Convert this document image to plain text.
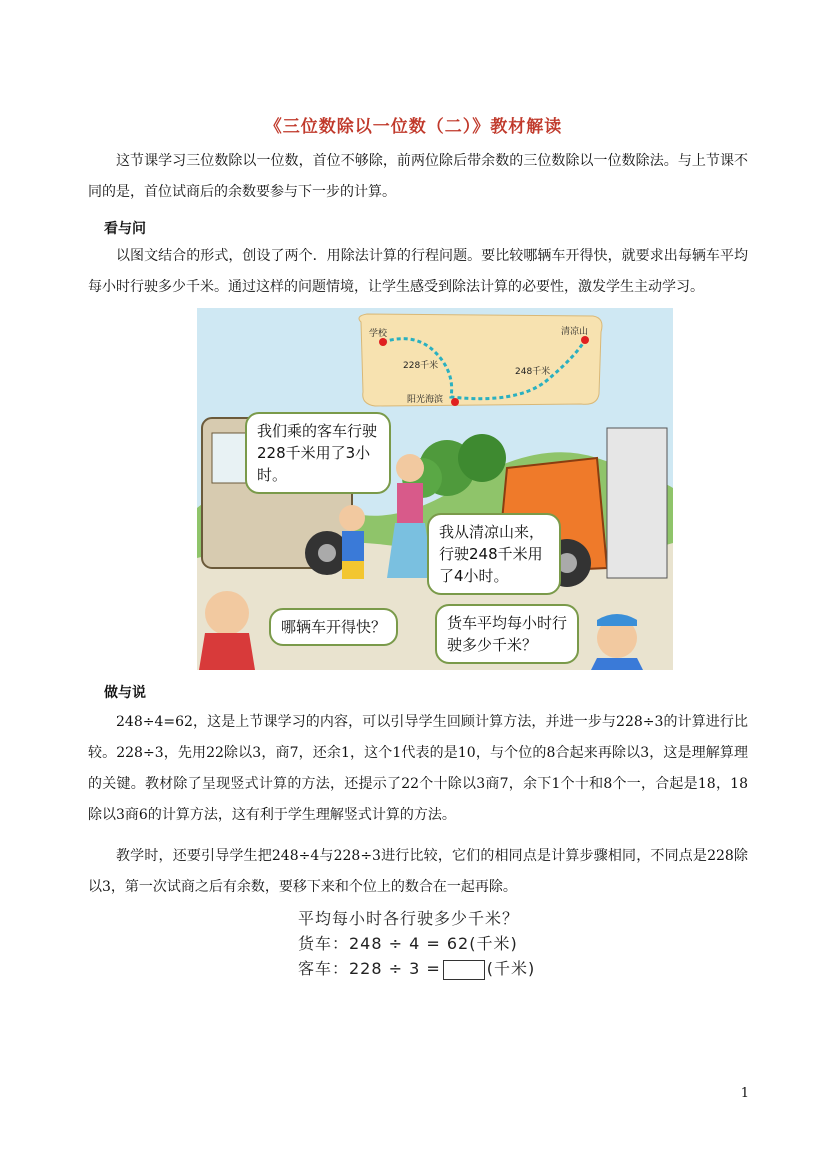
《三位数除以一位数（二）》教材解读
这节课学习三位数除以一位数，首位不够除，前两位除后带余数的三位数除以一位数除法。与上节课不同的是，首位试商后的余数要参与下一步的计算。
看与问
以图文结合的形式，创设了两个．用除法计算的行程问题。要比较哪辆车开得快，就要求出每辆车平均每小时行驶多少千米。通过这样的问题情境，让学生感受到除法计算的必要性，激发学生主动学习。
学校	清凉山
228千米
248千米
阳光海滨
我们乘的客车行驶228千米用了3小时。
我从清凉山来，行驶248千米用了4小时。
哪辆车开得快？	货车平均每小时行驶多少千米？
做与说
248÷4=62，这是上节课学习的内容，可以引导学生回顾计算方法，并进一步与228÷3的计算进行比较。228÷3，先用22除以3，商7，还余1，这个1代表的是10，与个位的8合起来再除以3，这是理解算理的关键。教材除了呈现竖式计算的方法，还提示了22个十除以3商7，余下1个十和8个一，合起是18，18除以3商6的计算方法，这有利于学生理解竖式计算的方法。
教学时，还要引导学生把248÷4与228÷3进行比较，它们的相同点是计算步骤相同，不同点是228除以3，第一次试商之后有余数，要移下来和个位上的数合在一起再除。
平均每小时各行驶多少千米？
货车：248 ÷ 4 = 62(千米)
客车：228 ÷ 3 =	(千米)
1
